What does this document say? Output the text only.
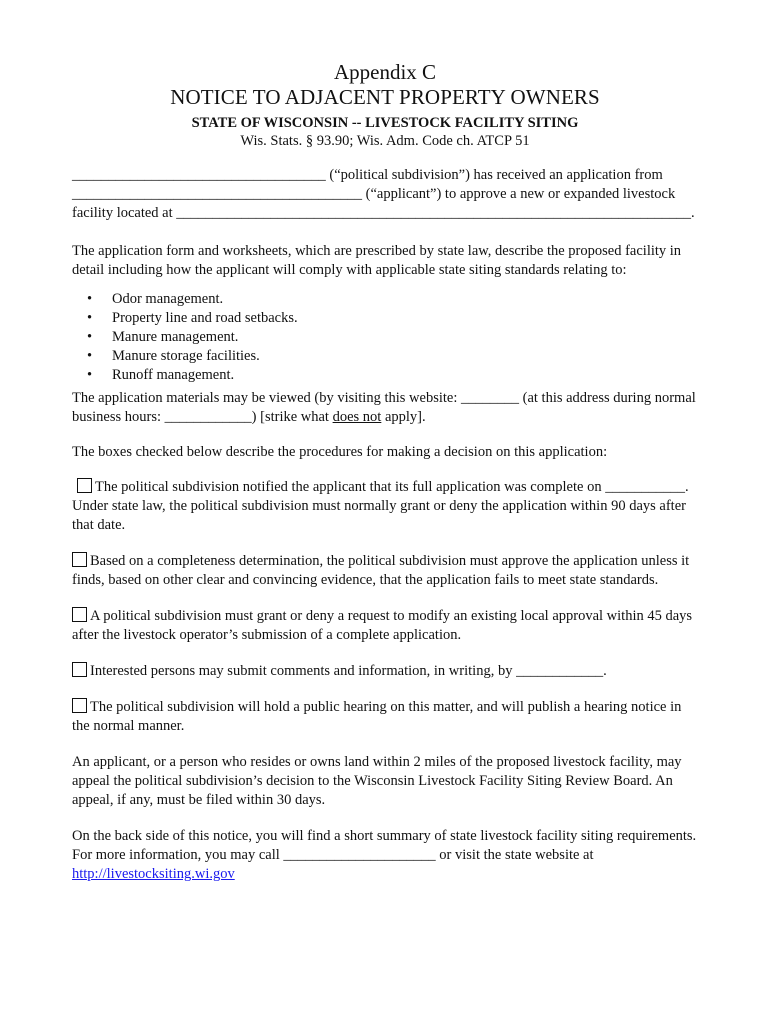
Appendix C
NOTICE TO ADJACENT PROPERTY OWNERS
STATE OF WISCONSIN -- LIVESTOCK FACILITY SITING
Wis. Stats. § 93.90; Wis. Adm. Code ch. ATCP 51

___________________________________ (“political subdivision”) has received an application from ________________________________________ (“applicant”) to approve a new or expanded livestock facility located at _______________________________________________________________________.

The application form and worksheets, which are prescribed by state law, describe the proposed facility in detail including how the applicant will comply with applicable state siting standards relating to:

• Odor management.
• Property line and road setbacks.
• Manure management.
• Manure storage facilities.
• Runoff management.

The application materials may be viewed (by visiting this website: ________ (at this address during normal business hours: ____________) [strike what does not apply].

The boxes checked below describe the procedures for making a decision on this application:

The political subdivision notified the applicant that its full application was complete on ___________. Under state law, the political subdivision must normally grant or deny the application within 90 days after that date.

Based on a completeness determination, the political subdivision must approve the application unless it finds, based on other clear and convincing evidence, that the application fails to meet state standards.

A political subdivision must grant or deny a request to modify an existing local approval within 45 days after the livestock operator’s submission of a complete application.

Interested persons may submit comments and information, in writing, by ____________.

The political subdivision will hold a public hearing on this matter, and will publish a hearing notice in the normal manner.

An applicant, or a person who resides or owns land within 2 miles of the proposed livestock facility, may appeal the political subdivision’s decision to the Wisconsin Livestock Facility Siting Review Board. An appeal, if any, must be filed within 30 days.

On the back side of this notice, you will find a short summary of state livestock facility siting requirements. For more information, you may call _____________________ or visit the state website at http://livestocksiting.wi.gov
